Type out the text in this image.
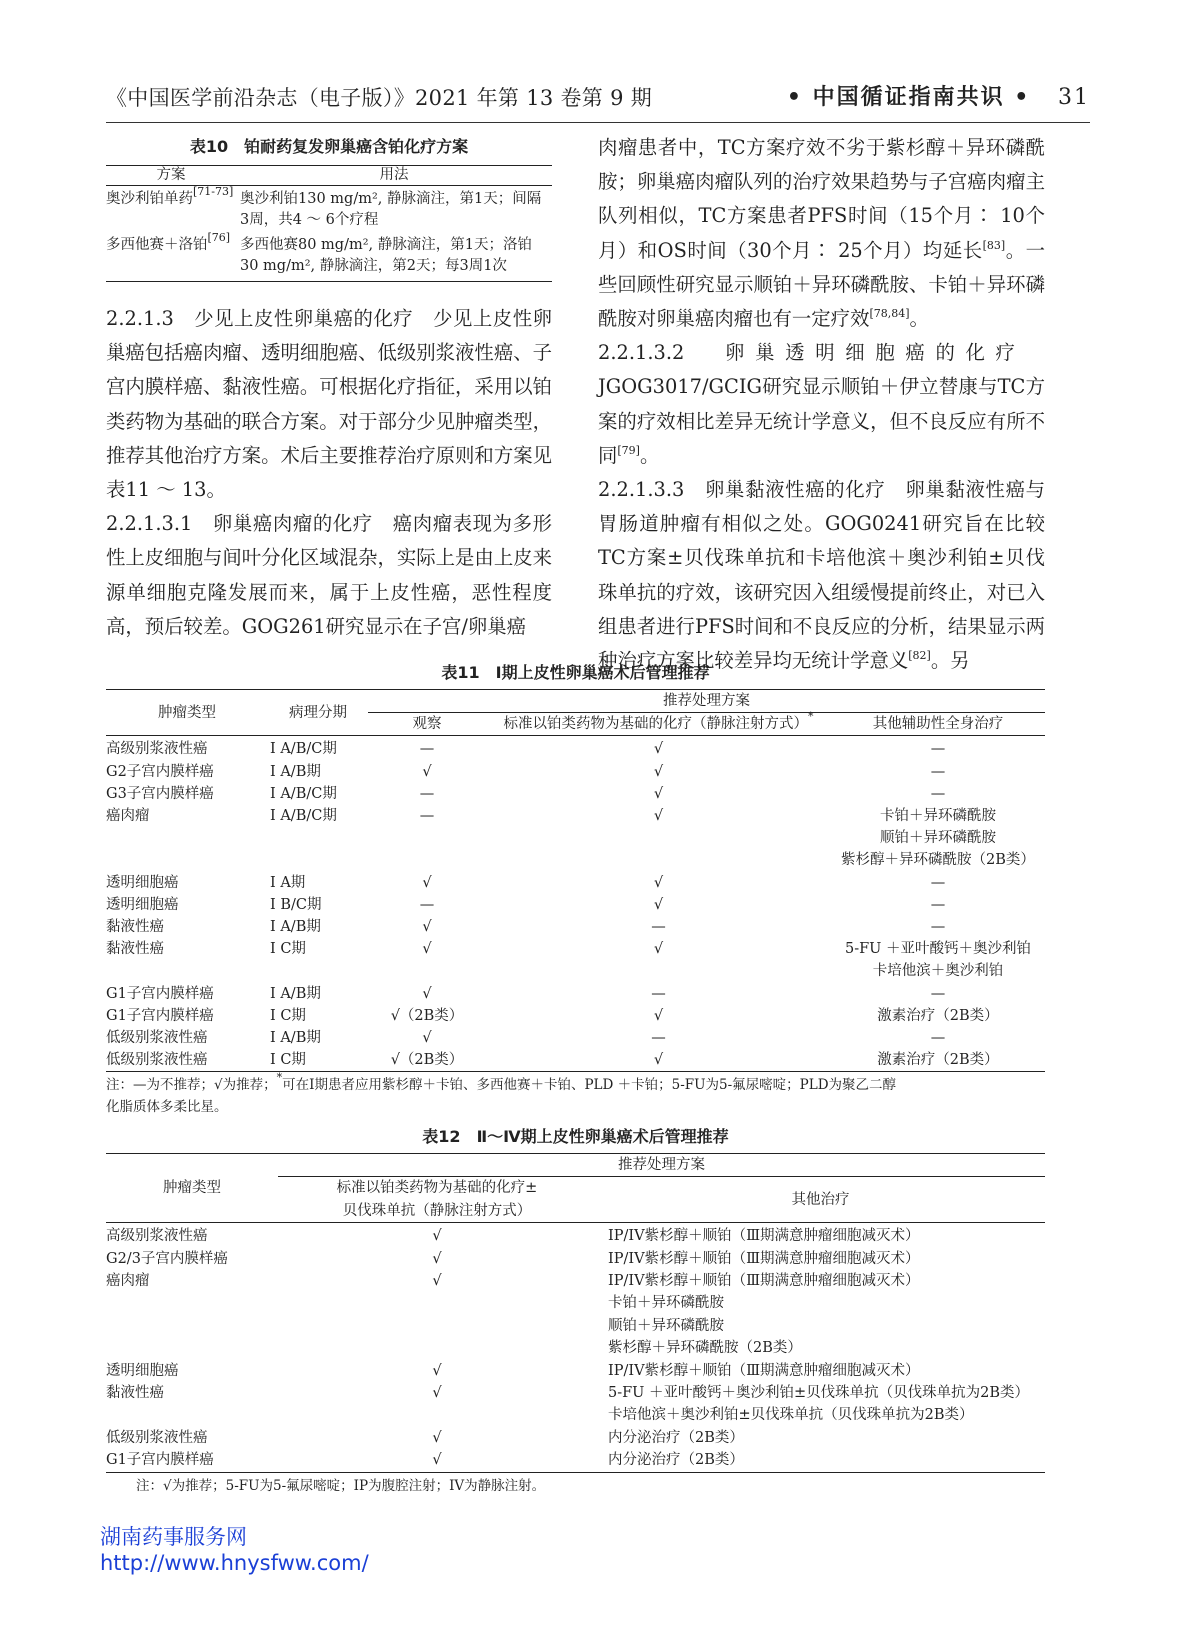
《中国医学前沿杂志（电子版）》2021 年第 13 卷第 9 期	• 中国循证指南共识 • 31
表10　铂耐药复发卵巢癌含铂化疗方案
方案	用法
奥沙利铂单药[71-73]	奥沙利铂130 mg/m², 静脉滴注，第1天；间隔
3周，共4 ～ 6个疗程

多西他赛＋洛铂[76]	多西他赛80 mg/m², 静脉滴注，第1天；洛铂
30 mg/m², 静脉滴注，第2天；每3周1次

2.2.1.3　少见上皮性卵巢癌的化疗　少见上皮性卵巢癌包括癌肉瘤、透明细胞癌、低级别浆液性癌、子宫内膜样癌、黏液性癌。可根据化疗指征，采用以铂类药物为基础的联合方案。对于部分少见肿瘤类型，推荐其他治疗方案。术后主要推荐治疗原则和方案见表11 ～ 13。

2.2.1.3.1　卵巢癌肉瘤的化疗　癌肉瘤表现为多形性上皮细胞与间叶分化区域混杂，实际上是由上皮来源单细胞克隆发展而来，属于上皮性癌，恶性程度高，预后较差。GOG261研究显示在子宫/卵巢癌

肉瘤患者中，TC方案疗效不劣于紫杉醇＋异环磷酰胺；卵巢癌肉瘤队列的治疗效果趋势与子宫癌肉瘤主队列相似，TC方案患者PFS时间（15个月∶ 10个月）和OS时间（30个月∶ 25个月）均延长[83]。一些回顾性研究显示顺铂＋异环磷酰胺、卡铂＋异环磷酰胺对卵巢癌肉瘤也有一定疗效[78,84]。

2.2.1.3.2　卵巢透明细胞癌的化疗　JGOG3017/GCIG研究显示顺铂＋伊立替康与TC方案的疗效相比差异无统计学意义，但不良反应有所不同[79]。

2.2.1.3.3　卵巢黏液性癌的化疗　卵巢黏液性癌与胃肠道肿瘤有相似之处。GOG0241研究旨在比较TC方案±贝伐珠单抗和卡培他滨＋奥沙利铂±贝伐珠单抗的疗效，该研究因入组缓慢提前终止，对已入组患者进行PFS时间和不良反应的分析，结果显示两种治疗方案比较差异均无统计学意义[82]。另

表11　Ⅰ期上皮性卵巢癌术后管理推荐
肿瘤类型	病理分期	推荐处理方案		
		观察	标准以铂类药物为基础的化疗（静脉注射方式）*	其他辅助性全身治疗

高级别浆液性癌	Ⅰ A/B/C期	—	√	—

G2子宫内膜样癌	Ⅰ A/B期	√	√	—

G3子宫内膜样癌	Ⅰ A/B/C期	—	√	—

癌肉瘤	Ⅰ A/B/C期	—	√	卡铂＋异环磷酰胺
顺铂＋异环磷酰胺
紫杉醇＋异环磷酰胺（2B类）

透明细胞癌	Ⅰ A期	√	√	—

透明细胞癌	Ⅰ B/C期	—	√	—

黏液性癌	Ⅰ A/B期	√	—	—

黏液性癌	Ⅰ C期	√	√	5-FU ＋亚叶酸钙＋奥沙利铂
卡培他滨＋奥沙利铂

G1子宫内膜样癌	Ⅰ A/B期	√	—	—

G1子宫内膜样癌	Ⅰ C期	√（2B类）	√	激素治疗（2B类）

低级别浆液性癌	Ⅰ A/B期	√	—	—

低级别浆液性癌	Ⅰ C期	√（2B类）	√	激素治疗（2B类）
注：—为不推荐；√为推荐；*可在Ⅰ期患者应用紫杉醇＋卡铂、多西他赛＋卡铂、PLD ＋卡铂；5-FU为5-氟尿嘧啶；PLD为聚乙二醇
化脂质体多柔比星。
表12　Ⅱ～Ⅳ期上皮性卵巢癌术后管理推荐
肿瘤类型	推荐处理方案	

	标准以铂类药物为基础的化疗±
贝伐珠单抗（静脉注射方式）	其他治疗

高级别浆液性癌	√	IP/IV紫杉醇＋顺铂（Ⅲ期满意肿瘤细胞减灭术）

G2/3子宫内膜样癌	√	IP/IV紫杉醇＋顺铂（Ⅲ期满意肿瘤细胞减灭术）

癌肉瘤	√	IP/IV紫杉醇＋顺铂（Ⅲ期满意肿瘤细胞减灭术）
卡铂＋异环磷酰胺
顺铂＋异环磷酰胺
紫杉醇＋异环磷酰胺（2B类）

透明细胞癌	√	IP/IV紫杉醇＋顺铂（Ⅲ期满意肿瘤细胞减灭术）

黏液性癌	√	5-FU ＋亚叶酸钙＋奥沙利铂±贝伐珠单抗（贝伐珠单抗为2B类）
卡培他滨＋奥沙利铂±贝伐珠单抗（贝伐珠单抗为2B类）

低级别浆液性癌	√	内分泌治疗（2B类）

G1子宫内膜样癌	√	内分泌治疗（2B类）
注：√为推荐；5-FU为5-氟尿嘧啶；IP为腹腔注射；IV为静脉注射。
湖南药事服务网
http://www.hnysfww.com/
